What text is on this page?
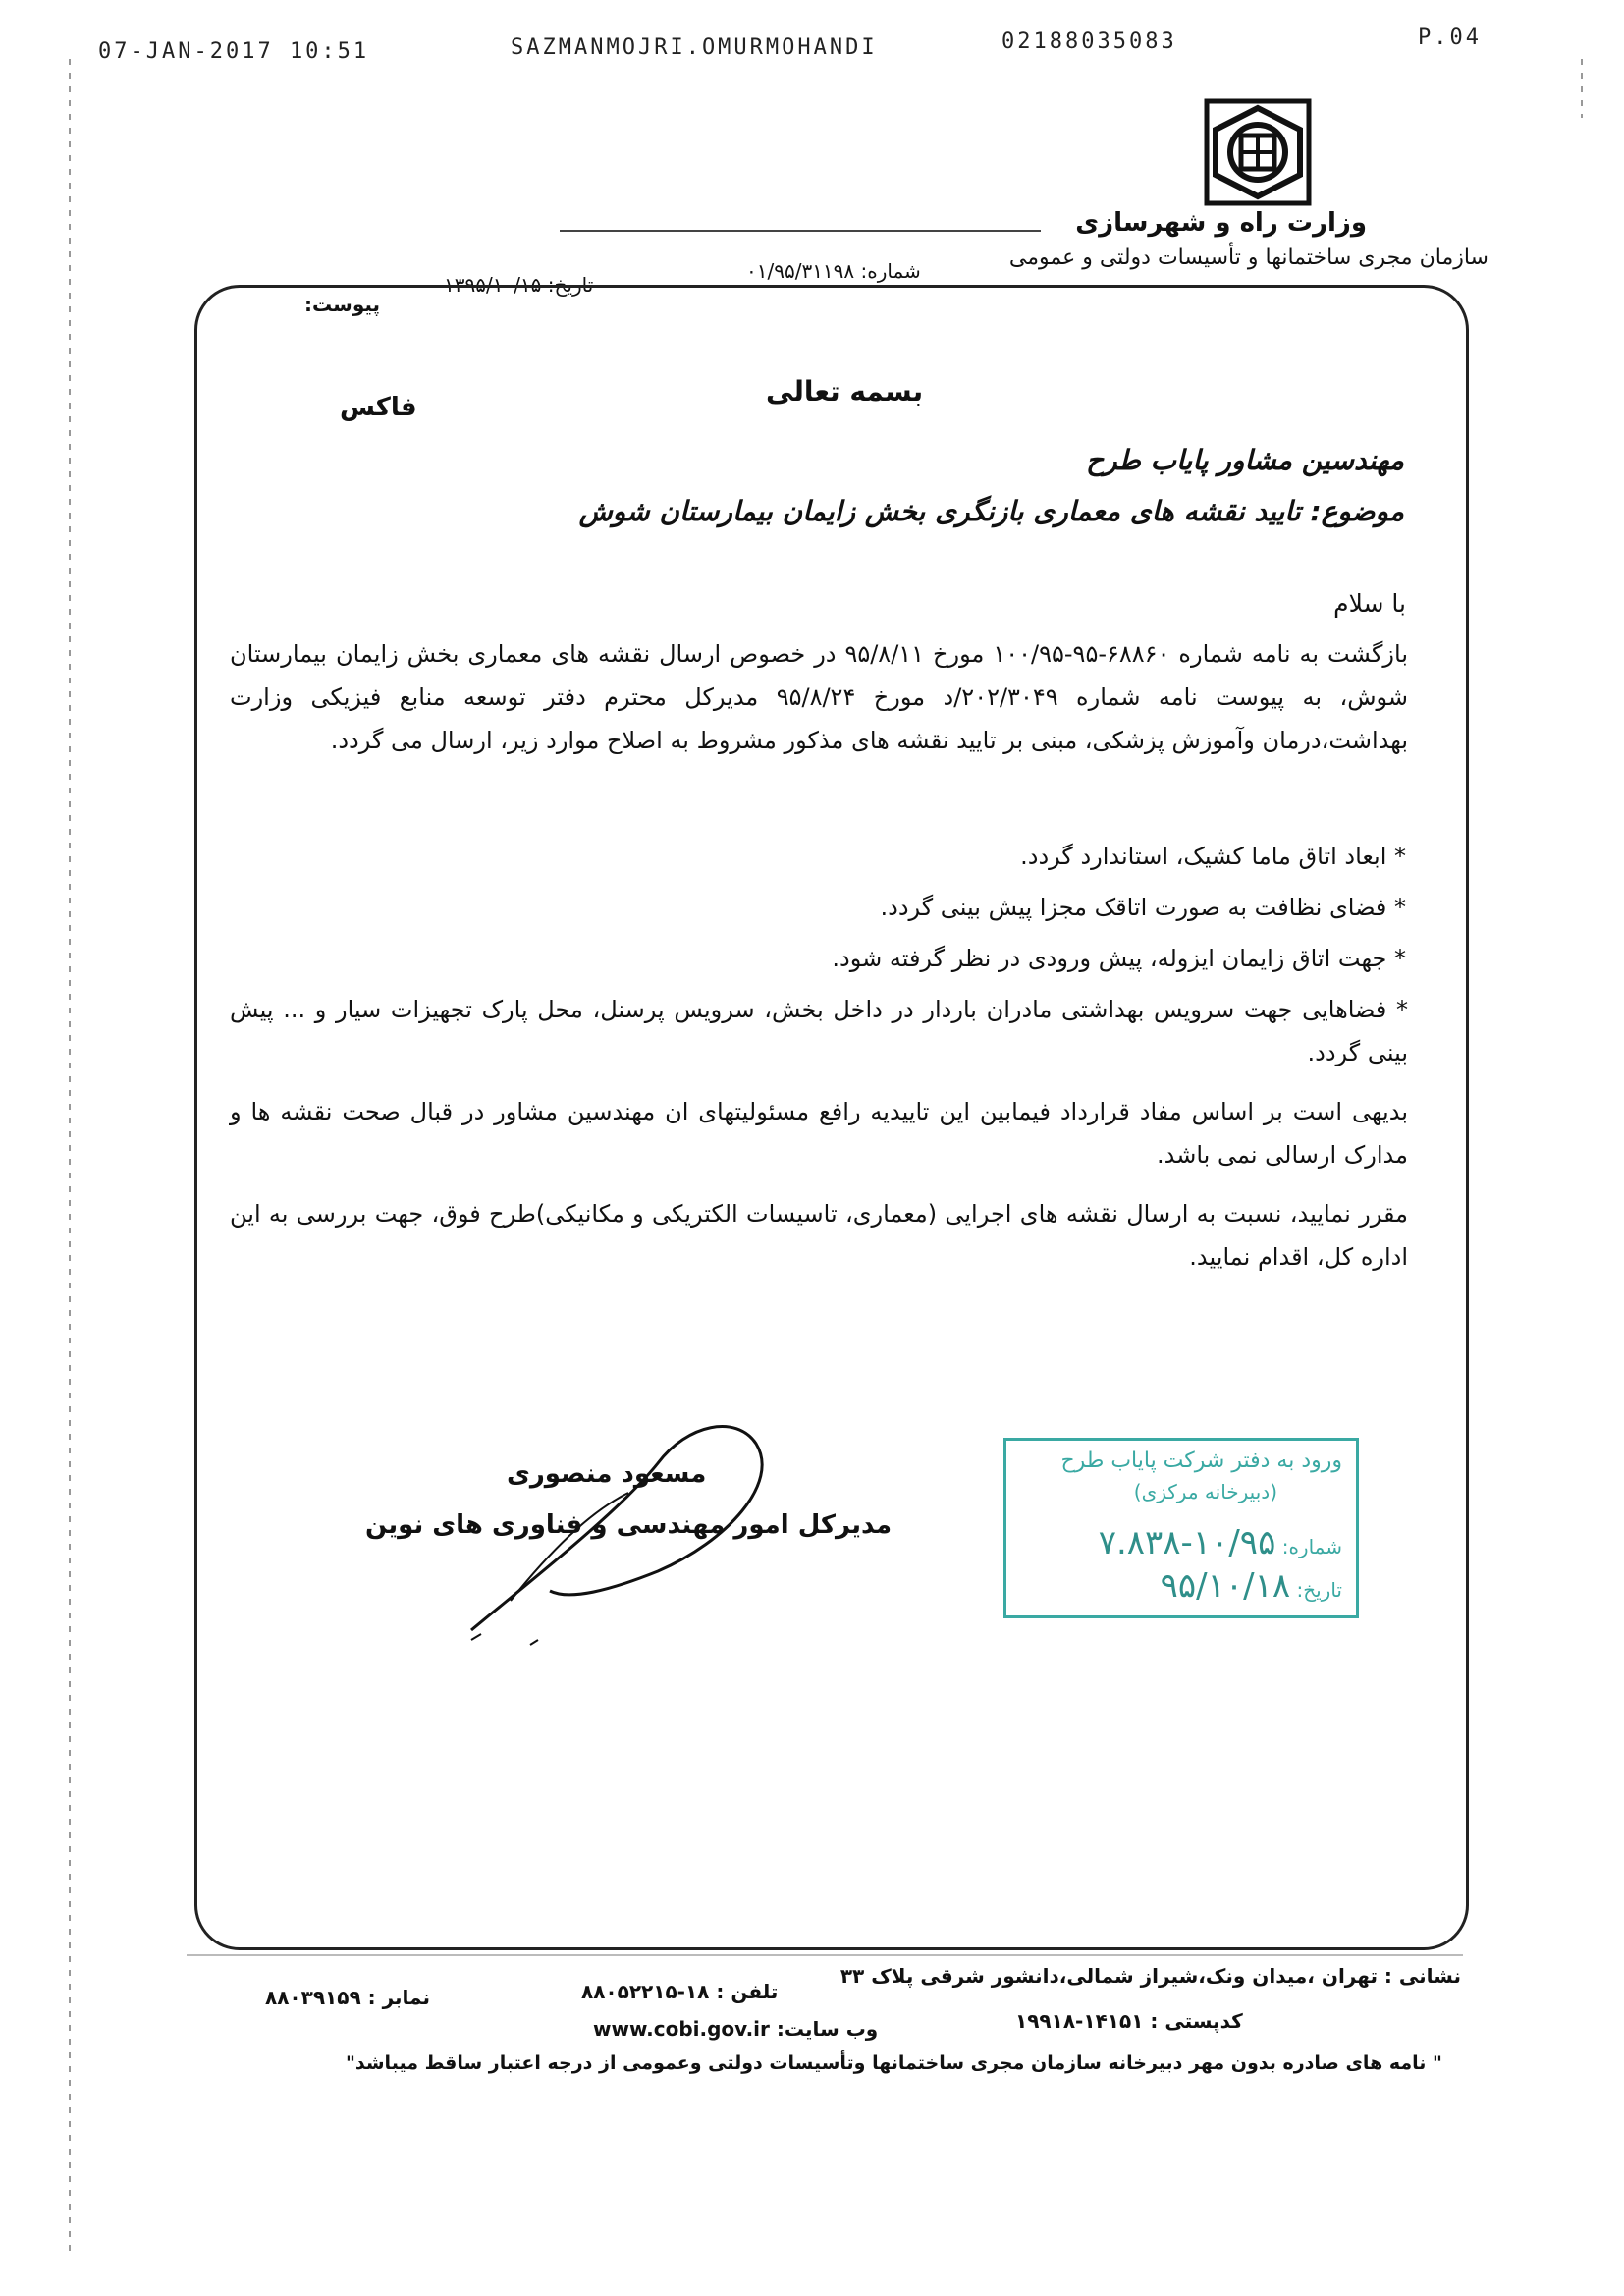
07-JAN-2017 10:51	SAZMANMOJRI.OMURMOHANDI	02188035083	P.04
وزارت راه و شهرسازی
سازمان مجری ساختمانها و تأسیسات دولتی و عمومی
شماره: ۰۱/۹۵/۳۱۱۹۸
تاریخ: ۱۳۹۵/۱۰/۱۵
پیوست:
بسمه تعالی
فاکس
مهندسین مشاور پایاب طرح
موضوع: تایید نقشه های معماری بازنگری بخش زایمان بیمارستان شوش
با سلام
بازگشت به نامه شماره ۶۸۸۶۰-۹۵-۱۰۰/۹۵ مورخ ۹۵/۸/۱۱ در خصوص ارسال نقشه های معماری بخش زایمان بیمارستان شوش، به پیوست نامه شماره ۲۰۲/۳۰۴۹/د مورخ ۹۵/۸/۲۴ مدیرکل محترم دفتر توسعه منابع فیزیکی وزارت بهداشت،درمان وآموزش پزشکی، مبنی بر تایید نقشه های مذکور مشروط به اصلاح موارد زیر، ارسال می گردد.
* ابعاد اتاق ماما کشیک، استاندارد گردد.
* فضای نظافت به صورت اتاقک مجزا پیش بینی گردد.
* جهت اتاق زایمان ایزوله، پیش ورودی در نظر گرفته شود.
* فضاهایی جهت سرویس بهداشتی مادران باردار در داخل بخش، سرویس پرسنل، محل پارک تجهیزات سیار و ... پیش بینی گردد.
بدیهی است بر اساس مفاد قرارداد فیمابین این تاییدیه رافع مسئولیتهای ان مهندسین مشاور در قبال صحت نقشه ها و مدارک ارسالی نمی باشد.
مقرر نمایید، نسبت به ارسال نقشه های اجرایی (معماری، تاسیسات الکتریکی و مکانیکی)طرح فوق، جهت بررسی به این اداره کل، اقدام نمایید.
مسعود منصوری
مدیرکل امور مهندسی و فناوری های نوین
ورود به دفتر شرکت پایاب طرح
(دبیرخانه مرکزی)
شماره: ۱۰/۹۵-۷.۸۳۸
تاریخ: ۹۵/۱۰/۱۸
نشانی : تهران ،میدان ونک،شیراز شمالی،دانشور شرقی پلاک ۳۳
تلفن : ۱۸-۸۸۰۵۲۲۱۵
نمابر : ۸۸۰۳۹۱۵۹
کدپستی : ۱۴۱۵۱-۱۹۹۱۸
وب سایت: www.cobi.gov.ir
" نامه های صادره بدون مهر دبیرخانه سازمان مجری ساختمانها وتأسیسات دولتی وعمومی از درجه اعتبار ساقط میباشد"
